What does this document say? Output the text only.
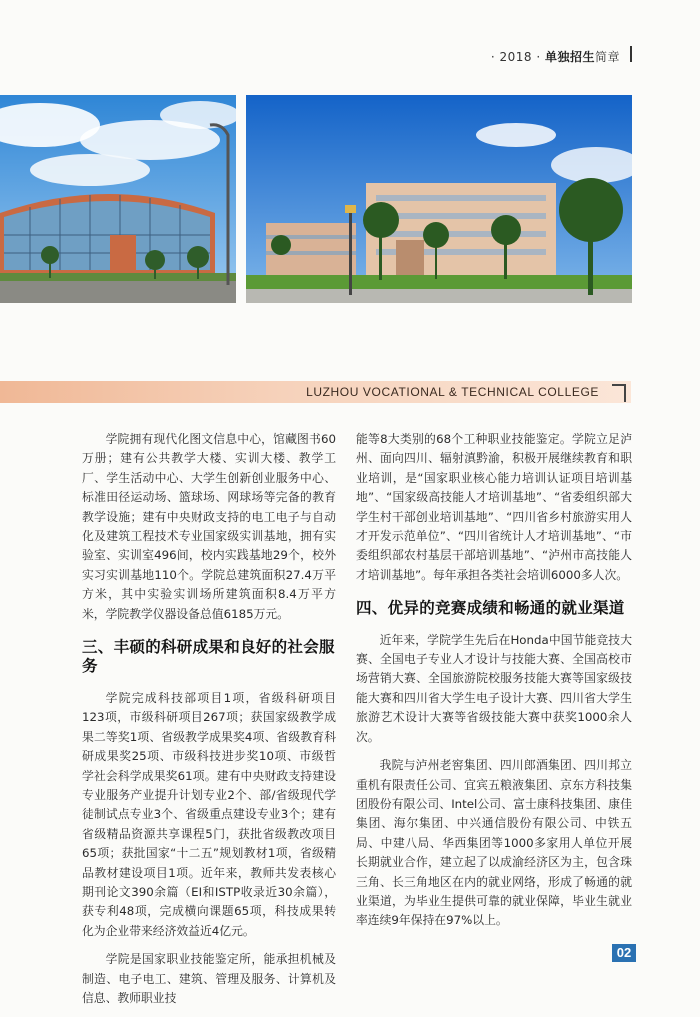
· 2018 · 单独招生简章
LUZHOU VOCATIONAL & TECHNICAL COLLEGE

学院拥有现代化图文信息中心，馆藏图书60万册；建有公共教学大楼、实训大楼、教学工厂、学生活动中心、大学生创新创业服务中心、标准田径运动场、篮球场、网球场等完备的教育教学设施；建有中央财政支持的电工电子与自动化及建筑工程技术专业国家级实训基地，拥有实验室、实训室496间，校内实践基地29个，校外实习实训基地110个。学院总建筑面积27.4万平方米，其中实验实训场所建筑面积8.4万平方米，学院教学仪器设备总值6185万元。

三、丰硕的科研成果和良好的社会服务

学院完成科技部项目1项，省级科研项目123项，市级科研项目267项；获国家级教学成果二等奖1项、省级教学成果奖4项、省级教育科研成果奖25项、市级科技进步奖10项、市级哲学社会科学成果奖61项。建有中央财政支持建设专业服务产业提升计划专业2个、部/省级现代学徒制试点专业3个、省级重点建设专业3个；建有省级精品资源共享课程5门，获批省级教改项目65项；获批国家“十二五”规划教材1项，省级精品教材建设项目1项。近年来，教师共发表核心期刊论文390余篇（EI和ISTP收录近30余篇），获专利48项，完成横向课题65项，科技成果转化为企业带来经济效益近4亿元。

学院是国家职业技能鉴定所，能承担机械及制造、电子电工、建筑、管理及服务、计算机及信息、教师职业技

能等8大类别的68个工种职业技能鉴定。学院立足泸州、面向四川、辐射滇黔渝，积极开展继续教育和职业培训，是“国家职业核心能力培训认证项目培训基地”、“国家级高技能人才培训基地”、“省委组织部大学生村干部创业培训基地”、“四川省乡村旅游实用人才开发示范单位”、“四川省统计人才培训基地”、“市委组织部农村基层干部培训基地”、“泸州市高技能人才培训基地”。每年承担各类社会培训6000多人次。

四、优异的竞赛成绩和畅通的就业渠道

近年来，学院学生先后在Honda中国节能竞技大赛、全国电子专业人才设计与技能大赛、全国高校市场营销大赛、全国旅游院校服务技能大赛等国家级技能大赛和四川省大学生电子设计大赛、四川省大学生旅游艺术设计大赛等省级技能大赛中获奖1000余人次。

我院与泸州老窖集团、四川郎酒集团、四川邦立重机有限责任公司、宜宾五粮液集团、京东方科技集团股份有限公司、Intel公司、富士康科技集团、康佳集团、海尔集团、中兴通信股份有限公司、中铁五局、中建八局、华西集团等1000多家用人单位开展长期就业合作，建立起了以成渝经济区为主，包含珠三角、长三角地区在内的就业网络，形成了畅通的就业渠道，为毕业生提供可靠的就业保障，毕业生就业率连续9年保持在97%以上。

02
